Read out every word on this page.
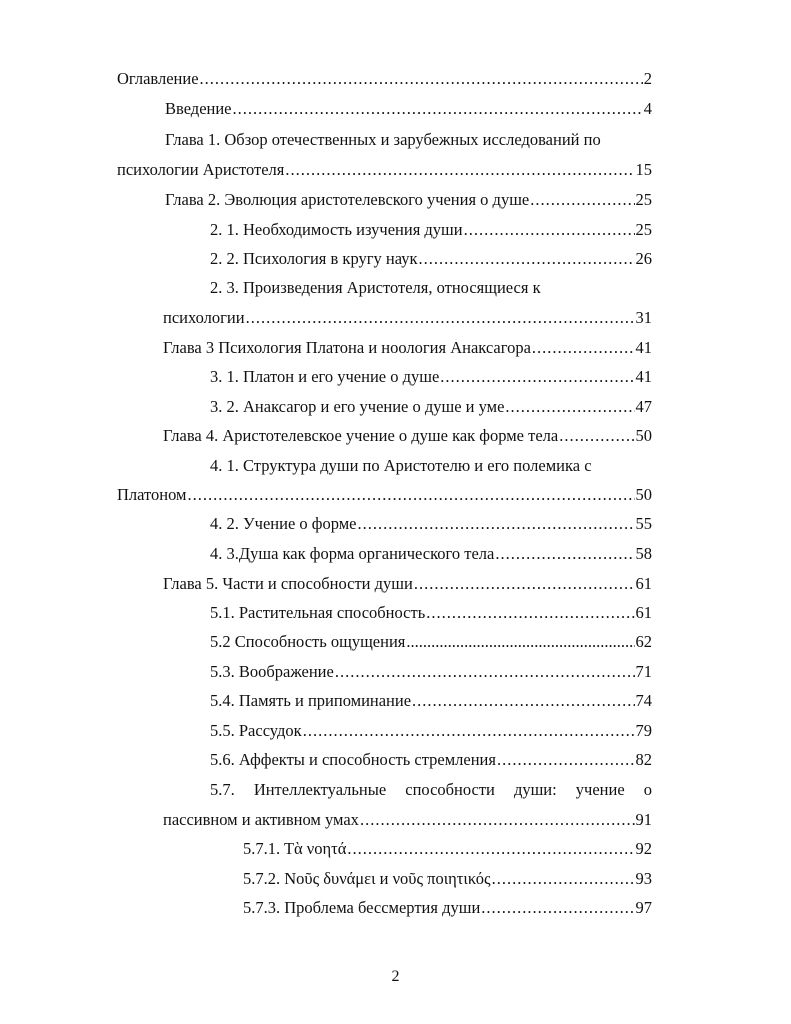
Оглавление .....	2
Введение .....	4
Глава 1. Обзор отечественных и зарубежных исследований по
психологии Аристотеля .....	15
Глава 2. Эволюция аристотелевского учения о душе .....	25
2. 1. Необходимость изучения души .....	25
2. 2. Психология в кругу наук .....	26
2. 3. Произведения Аристотеля, относящиеся к
психологии .....	31
Глава 3 Психология Платона и ноология Анаксагора .....	41
3. 1. Платон и его учение о душе .....	41
3. 2. Анаксагор и его учение о душе и уме .....	47
Глава 4. Аристотелевское учение о душе как форме тела .....	50
4. 1. Структура души по Аристотелю и его полемика с
Платоном .....	50
4. 2. Учение о форме .....	55
4. 3.Душа как форма органического тела .....	58
Глава 5. Части и способности души .....	61
5.1. Растительная способность .....	61
5.2 Способность ощущения .....	62
5.3. Воображение .....	71
5.4. Память и припоминание .....	74
5.5. Рассудок .....	79
5.6. Аффекты и способность стремления .....	82
5.7. Интеллектуальные способности души: учение о
пассивном и активном умах .....	91
5.7.1. Τὰ νοητά .....	92
5.7.2. Νοῦς δυνάμει и νοῦς ποιητικός .....	93
5.7.3. Проблема бессмертия души .....	97
2
